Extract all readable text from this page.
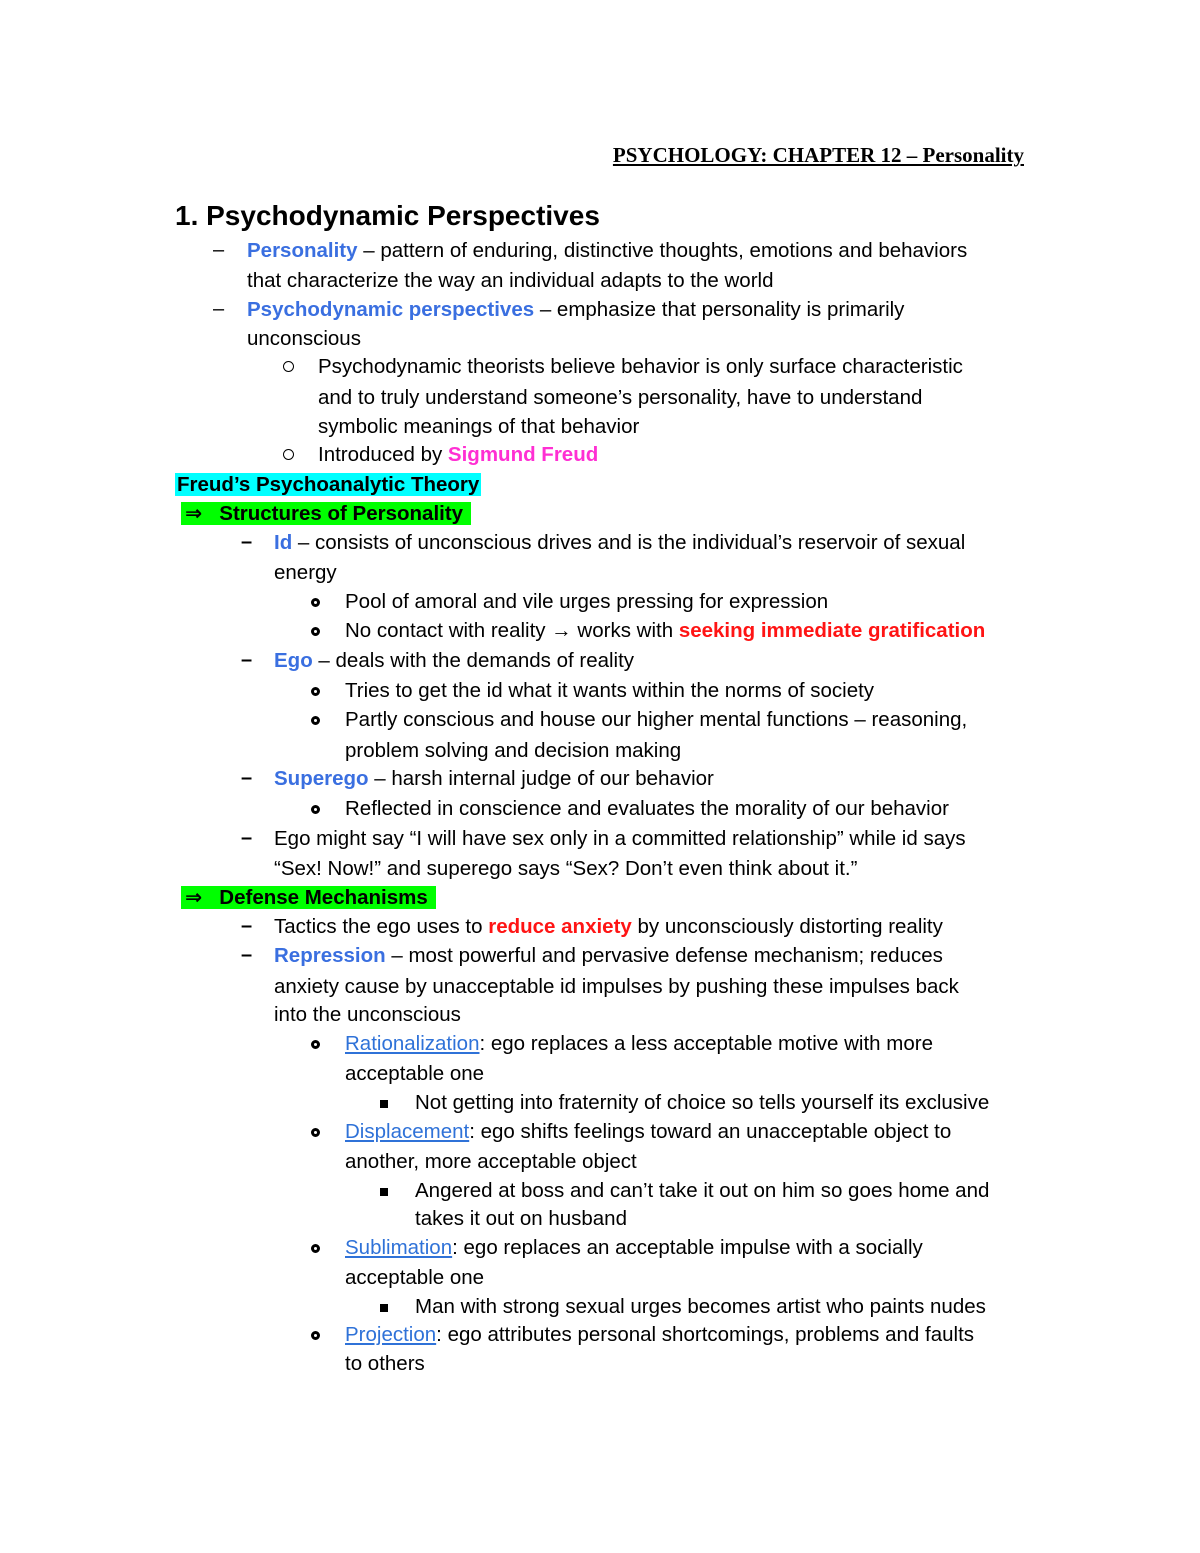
PSYCHOLOGY: CHAPTER 12 – Personality
1. Psychodynamic Perspectives
– Personality – pattern of enduring, distinctive thoughts, emotions and behaviors
that characterize the way an individual adapts to the world
– Psychodynamic perspectives – emphasize that personality is primarily
unconscious
Psychodynamic theorists believe behavior is only surface characteristic
and to truly understand someone’s personality, have to understand
symbolic meanings of that behavior
Introduced by Sigmund Freud
Freud’s Psychoanalytic Theory
⇒ Structures of Personality
– Id – consists of unconscious drives and is the individual’s reservoir of sexual
energy
Pool of amoral and vile urges pressing for expression
No contact with reality → works with seeking immediate gratification
– Ego – deals with the demands of reality
Tries to get the id what it wants within the norms of society
Partly conscious and house our higher mental functions – reasoning,
problem solving and decision making
– Superego – harsh internal judge of our behavior
Reflected in conscience and evaluates the morality of our behavior
– Ego might say “I will have sex only in a committed relationship” while id says
“Sex! Now!” and superego says “Sex? Don’t even think about it.”
⇒ Defense Mechanisms
– Tactics the ego uses to reduce anxiety by unconsciously distorting reality
– Repression – most powerful and pervasive defense mechanism; reduces
anxiety cause by unacceptable id impulses by pushing these impulses back
into the unconscious
Rationalization: ego replaces a less acceptable motive with more
acceptable one
Not getting into fraternity of choice so tells yourself its exclusive
Displacement: ego shifts feelings toward an unacceptable object to
another, more acceptable object
Angered at boss and can’t take it out on him so goes home and
takes it out on husband
Sublimation: ego replaces an acceptable impulse with a socially
acceptable one
Man with strong sexual urges becomes artist who paints nudes
Projection: ego attributes personal shortcomings, problems and faults
to others
